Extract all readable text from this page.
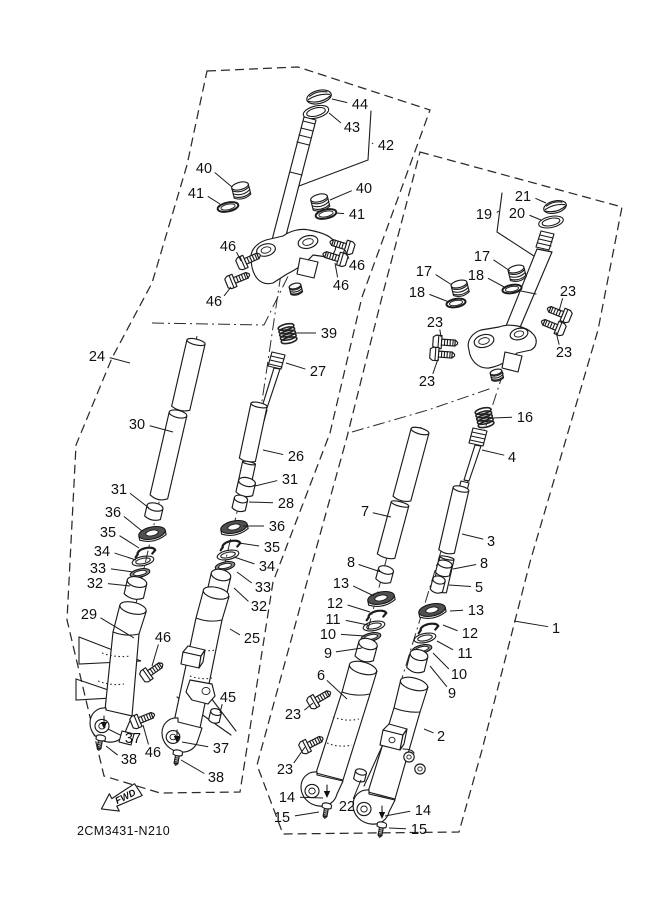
FWD
2CM3431-N210
44
43
42
40
41	40
41
46
46
46
46
24
39
27
30
26
31
28
36
35
34
33
32
31
36
35
34
33
32
29
25
46
45
37
38 46	37
38
21
20
19
17
18
17
18
23
23
23
23
16
4
7
3
8	8
13	5
12	13
11
10	12
9	11
10
9
6
2
23
23
22
14
15	14
15
1
